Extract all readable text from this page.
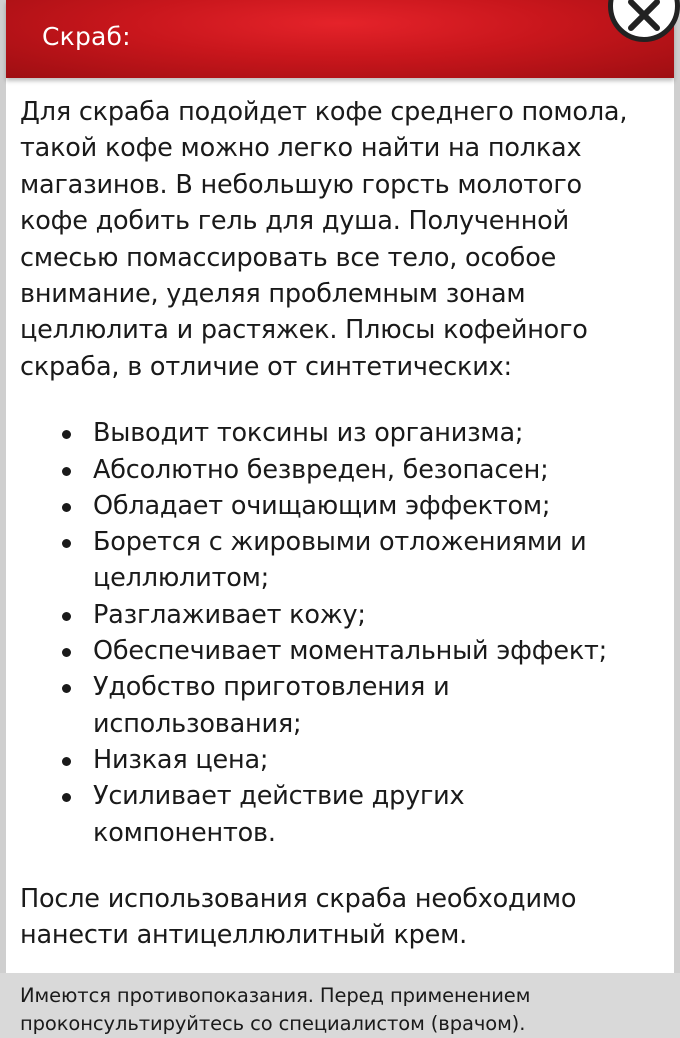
Скраб:

Для скраба подойдет кофе среднего помола, такой кофе можно легко найти на полках магазинов. В небольшую горсть молотого кофе добить гель для душа. Полученной смесью помассировать все тело, особое внимание, уделяя проблемным зонам целлюлита и растяжек. Плюсы кофейного скраба, в отличие от синтетических:

Выводит токсины из организма;
Абсолютно безвреден, безопасен;
Обладает очищающим эффектом;
Борется с жировыми отложениями и целлюлитом;
Разглаживает кожу;
Обеспечивает моментальный эффект;
Удобство приготовления и использования;
Низкая цена;
Усиливает действие других компонентов.

После использования скраба необходимо нанести антицеллюлитный крем.

Имеются противопоказания. Перед применением проконсультируйтесь со специалистом (врачом).
